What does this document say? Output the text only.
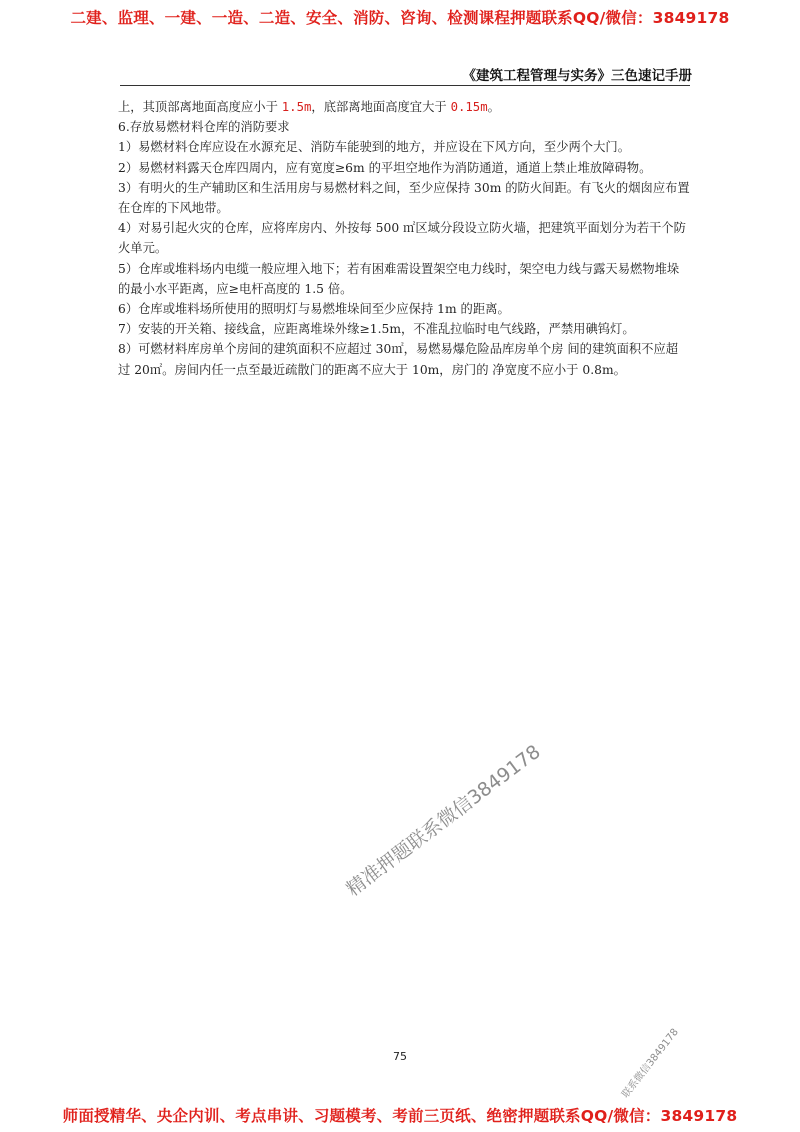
二建、监理、一建、一造、二造、安全、消防、咨询、检测课程押题联系QQ/微信：3849178
《建筑工程管理与实务》三色速记手册

上，其顶部离地面高度应小于 1.5m，底部离地面高度宜大于 0.15m。

6.存放易燃材料仓库的消防要求

1）易燃材料仓库应设在水源充足、消防车能驶到的地方，并应设在下风方向，至少两个大门。

2）易燃材料露天仓库四周内，应有宽度≥6m 的平坦空地作为消防通道，通道上禁止堆放障碍物。

3）有明火的生产辅助区和生活用房与易燃材料之间，至少应保持 30m 的防火间距。有飞火的烟囱应布置在仓库的下风地带。

4）对易引起火灾的仓库，应将库房内、外按每 500 ㎡区域分段设立防火墙，把建筑平面划分为若干个防火单元。

5）仓库或堆料场内电缆一般应埋入地下；若有困难需设置架空电力线时，架空电力线与露天易燃物堆垛的最小水平距离，应≥电杆高度的 1.5 倍。

6）仓库或堆料场所使用的照明灯与易燃堆垛间至少应保持 1m 的距离。

7）安装的开关箱、接线盒，应距离堆垛外缘≥1.5m，不准乱拉临时电气线路，严禁用碘钨灯。

8）可燃材料库房单个房间的建筑面积不应超过 30㎡，易燃易爆危险品库房单个房 间的建筑面积不应超过 20㎡。房间内任一点至最近疏散门的距离不应大于 10m，房门的 净宽度不应小于 0.8m。

精准押题联系微信3849178
联系微信3849178
75
师面授精华、央企内训、考点串讲、习题模考、考前三页纸、绝密押题联系QQ/微信：3849178
